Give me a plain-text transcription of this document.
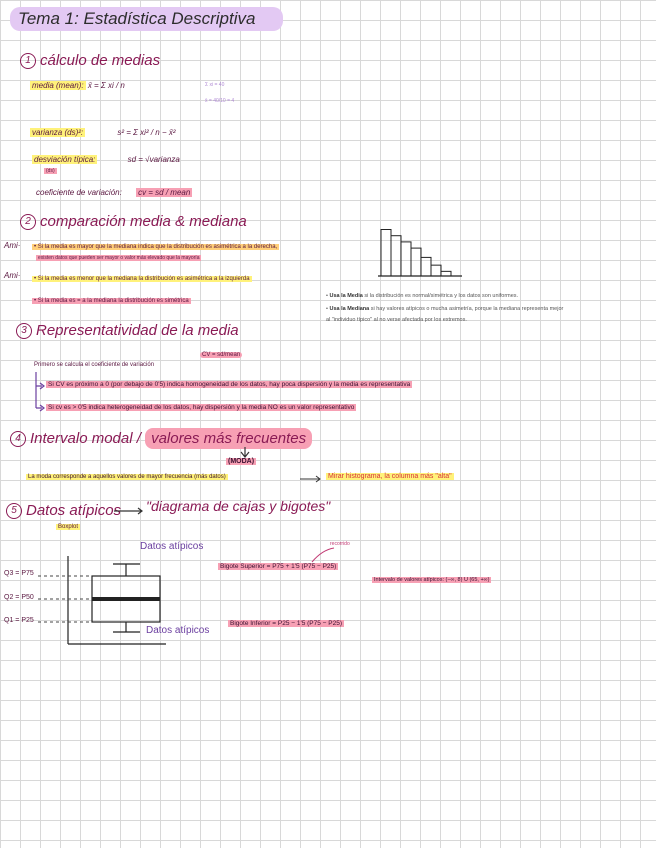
Tema 1: Estadística Descriptiva
1 cálculo de medias
media (mean): x̄ = Σ xi / n	Σ xi = 40
x̄ = 40/10 = 4
varianza (ds)²:	s² = Σ xi² / n − x̄²
desviación típica:	sd = √varianza
(ds)
coeficiente de variación: cv = sd / mean
2 comparación media & mediana
Ami·	• Si la media es mayor que la mediana indica que la distribución es asimétrica a la derecha,
existen datos que pueden ser mayor o valor más elevado que la mayoría
Ami·	• Si la media es menor que la mediana la distribución es asimétrica a la izquierda
• Si la media es = a la mediana la distribución es simétrica
• Usa la Media si la distribución es normal/simétrica y los datos son uniformes.
• Usa la Mediana si hay valores atípicos o mucha asimetría, porque la mediana representa mejor al "individuo típico" al no verse afectada por los extremos.
3 Representatividad de la media
Primero se calcula el coeficiente de variación
CV = sd/mean
Si CV es próximo a 0 (por debajo de 0'5) indica homogeneidad de los datos, hay poca dispersión y la media es representativa
Si cv es > 0'5 indica heterogeneidad de los datos, hay dispersión y la media NO es un valor representativo
4 Intervalo modal / valores más frecuentes
(MODA)
La moda corresponde a aquellos valores de mayor frecuencia (más datos)	Mirar histograma, la columna más "alta"
5 Datos atípicos "diagrama de cajas y bigotes"
Boxplot
Datos atípicos
Datos atípicos
Q3 = P75
Q2 = P50
Q1 = P25
Bigote Superior = P75 + 1'5 (P75 − P25)
recorrido
Intervalo de valores atípicos: (−∞, 8) U (65, +∞)
Bigote Inferior = P25 − 1'5 (P75 − P25)
